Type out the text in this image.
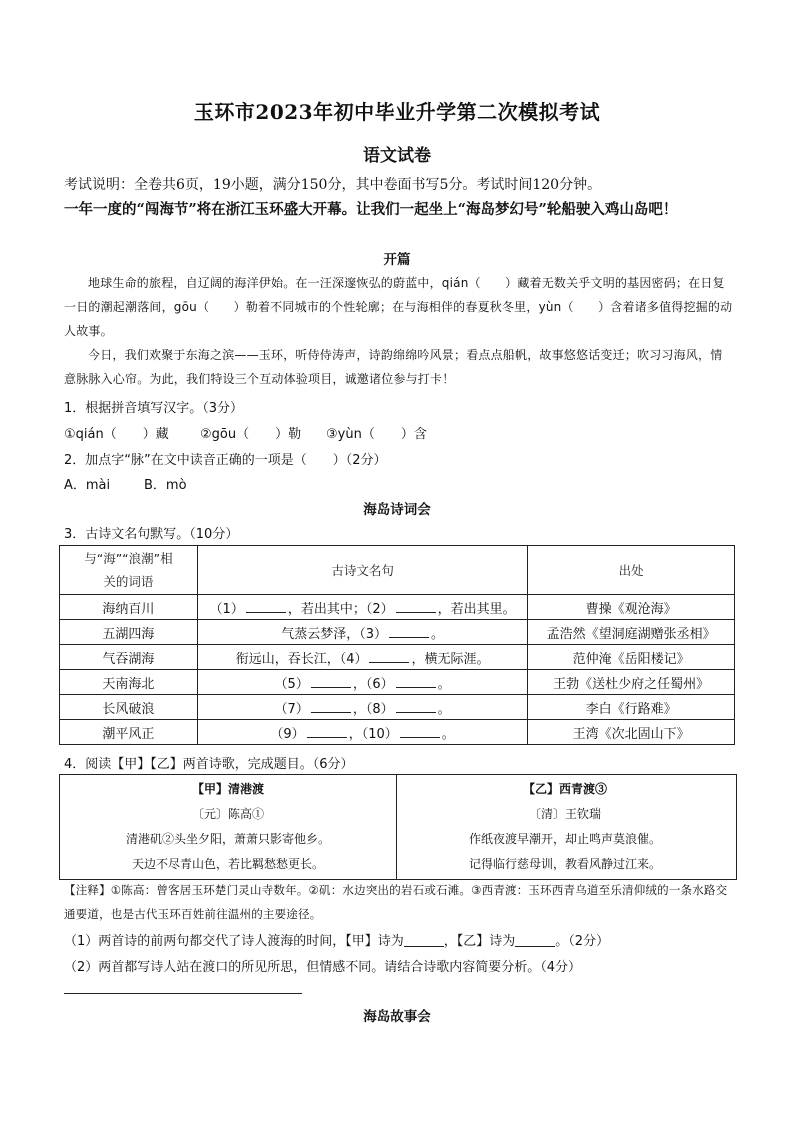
玉环市2023年初中毕业升学第二次模拟考试
语文试卷
考试说明：全卷共6页，19小题，满分150分，其中卷面书写5分。考试时间120分钟。
一年一度的“闯海节”将在浙江玉环盛大开幕。让我们一起坐上“海岛梦幻号”轮船驶入鸡山岛吧！
开篇
地球生命的旅程，自辽阔的海洋伊始。在一汪深邃恢弘的蔚蓝中，qián（　　）藏着无数关乎文明的基因密码；在日复一日的潮起潮落间，gōu（　　）勒着不同城市的个性轮廓；在与海相伴的春夏秋冬里，yùn（　　）含着诸多值得挖掘的动人故事。
今日，我们欢聚于东海之滨——玉环，听侍侍涛声，诗韵绵绵吟风景；看点点船帆，故事悠悠话变迁；吹习习海风，情意脉脉入心帘。为此，我们特设三个互动体验项目，诚邀诸位参与打卡！
1．根据拼音填写汉字。（3分）
①qián（　　）藏 ②gōu（　　）勒 ③yùn（　　）含
2．加点字“脉”在文中读音正确的一项是（　　）（2分）
A．mài	B．mò
海岛诗词会
3．古诗文名句默写。（10分）
与“海”“浪潮”相
关的词语	古诗文名句	出处
海纳百川	（1） ，若出其中；（2） ，若出其里。	曹操《观沧海》
五湖四海	气蒸云梦泽，（3） 。	孟浩然《望洞庭湖赠张丞相》
气吞湖海	衔远山，吞长江，（4） ，横无际涯。	范仲淹《岳阳楼记》
天南海北	（5） ，（6） 。	王勃《送杜少府之任蜀州》
长风破浪	（7） ，（8） 。	李白《行路难》
潮平风正	（9） ，（10） 。	王湾《次北固山下》
4．阅读【甲】【乙】两首诗歌，完成题目。（6分）
【甲】清港渡
〔元〕陈高①
清港矶②头坐夕阳，萧萧只影寄他乡。
天边不尽青山色，若比羁愁愁更长。
【乙】西青渡③
〔清〕王钦瑞
作纸夜渡早潮开，却止鸣声莫浪催。
记得临行慈母训，教看风静过江来。
【注释】①陈高：曾客居玉环楚门灵山寺数年。②矶：水边突出的岩石或石滩。③西青渡：玉环西青乌道至乐清仰绒的一条水路交通要道，也是古代玉环百姓前往温州的主要途径。
（1）两首诗的前两句都交代了诗人渡海的时间，【甲】诗为	，【乙】诗为	。（2分）
（2）两首都写诗人站在渡口的所见所思，但情感不同。请结合诗歌内容简要分析。（4分）
海岛故事会
